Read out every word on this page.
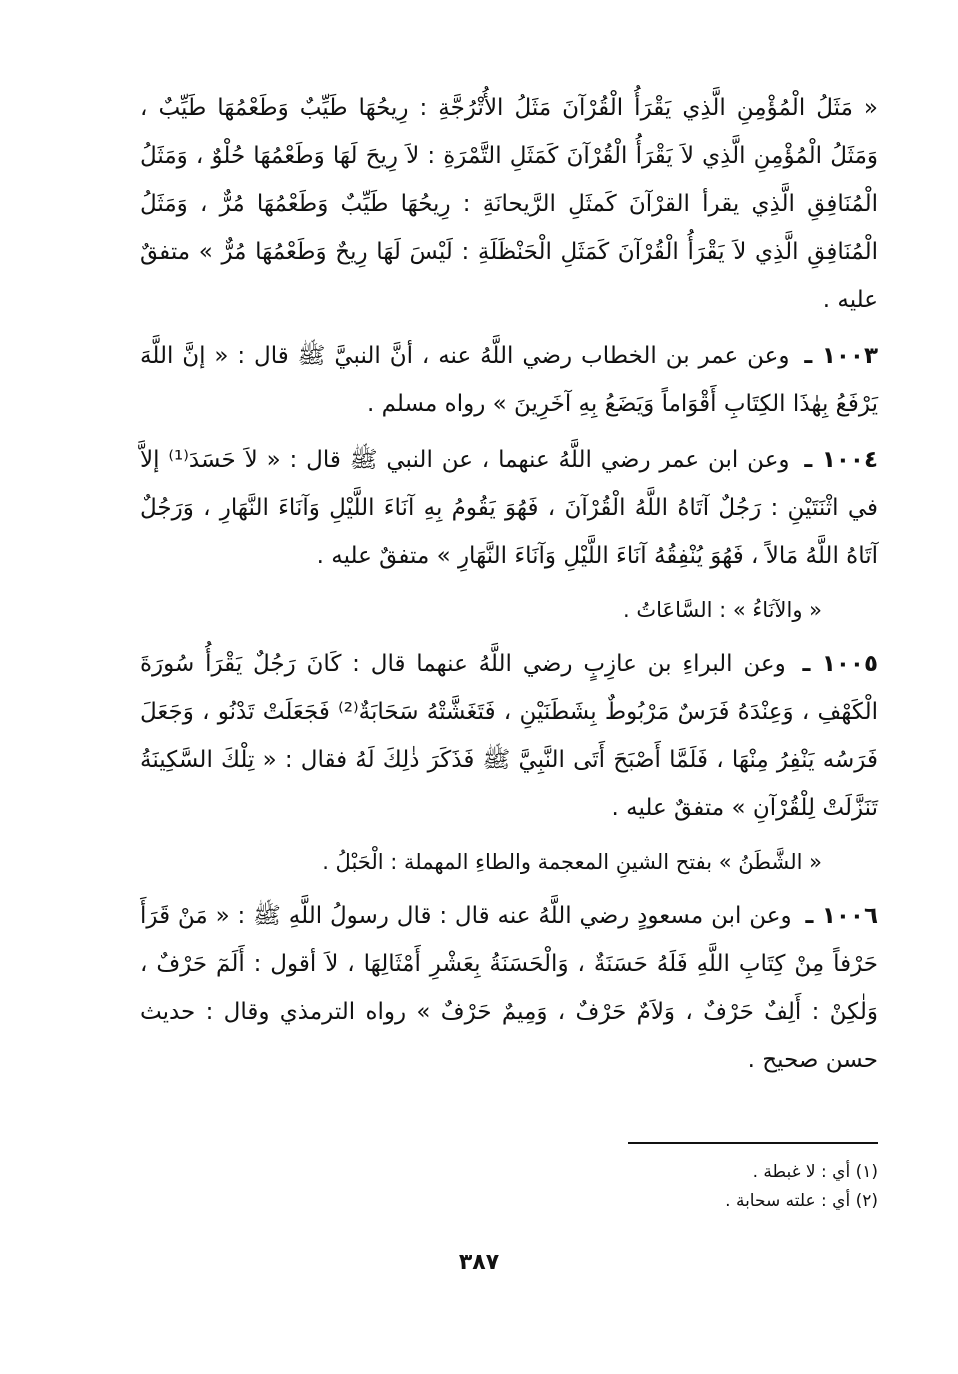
« مَثَلُ الْمُؤْمِنِ الَّذِي يَقْرَأُ الْقُرْآنَ مَثَلُ الأُتْرُجَّةِ : رِيحُهَا طَيِّبٌ وَطَعْمُهَا طَيِّبٌ ، وَمَثَلُ الْمُؤْمِنِ الَّذِي لاَ يَقْرَأُ الْقُرْآنَ كَمَثَلِ التَّمْرَةِ : لاَ رِيحَ لَهَا وَطَعْمُهَا حُلْوٌ ، وَمَثَلُ الْمُنَافِقِ الَّذِي يقرأ القرْآنَ كَمثَلِ الرَّيحانَةِ : رِيحُهَا طَيِّبٌ وَطَعْمُهَا مُرٌّ ، وَمَثَلُ الْمُنَافِقِ الَّذِي لاَ يَقْرَأُ الْقُرْآنَ كَمَثَلِ الْحَنْظَلَةِ : لَيْسَ لَهَا رِيحٌ وَطَعْمُهَا مُرٌّ » متفقٌ عليه .

١٠٠٣ ـ وعن عمر بن الخطاب رضي اللَّهُ عنه ، أنَّ النبيَّ ﷺ قال : « إنَّ اللَّهَ يَرْفَعُ بِهٰذَا الكِتَابِ أَقْوَاماً وَيَضَعُ بِهِ آخَرِينَ » رواه مسلم .

١٠٠٤ ـ وعن ابن عمر رضي اللَّهُ عنهما ، عن النبي ﷺ قال : « لاَ حَسَدَ⁽¹⁾ إلاَّ في اثْنَتَيْنِ : رَجُلٌ آتَاهُ اللَّهُ الْقُرْآنَ ، فَهُوَ يَقُومُ بِهِ آنَاءَ اللَّيْلِ وَآنَاءَ النَّهَارِ ، وَرَجُلٌ آتَاهُ اللَّهُ مَالاً ، فَهُوَ يُنْفِقُهُ آنَاءَ اللَّيْلِ وَآنَاءَ النَّهَارِ » متفقٌ عليه .

« والآنَاءُ » : السَّاعَاتُ .

١٠٠٥ ـ وعن البراءِ بن عازِبٍ رضي اللَّهُ عنهما قال : كَانَ رَجُلٌ يَقْرَأُ سُورَةَ الْكَهْفِ ، وَعِنْدَهُ فَرَسٌ مَرْبُوطٌ بِشَطَنَيْنِ ، فَتَغَشَّتْهُ سَحَابَةٌ⁽²⁾ فَجَعَلَتْ تَدْنُو ، وَجَعَلَ فَرَسُه يَنْفِرُ مِنْهَا ، فَلَمَّا أَصْبَحَ أَتَى النَّبِيَّ ﷺ فَذَكَرَ ذٰلِكَ لَهُ فقال : « تِلْكَ السَّكِينَةُ تَنَزَّلَتْ لِلْقُرْآنِ » متفقٌ عليه .

« الشَّطَنُ » بفتح الشينِ المعجمة والطاءِ المهملة : الْحَبْلُ .

١٠٠٦ ـ وعن ابن مسعودٍ رضي اللَّهُ عنه قال : قال رسولُ اللَّهِ ﷺ : « مَنْ قَرَأَ حَرْفاً مِنْ كِتَابِ اللَّهِ فَلَهُ حَسَنَةٌ ، وَالْحَسَنَةُ بِعَشْرِ أَمْثَالِهَا ، لاَ أقول : أَلَمٓ حَرْفٌ ، وَلٰكِنْ : أَلِفٌ حَرْفٌ ، وَلاَمٌ حَرْفٌ ، وَمِيمٌ حَرْفٌ » رواه الترمذي وقال : حديث حسن صحيح .

(١) أي : لا غبطة .

(٢) أي : علته سحابة .

٣٨٧
